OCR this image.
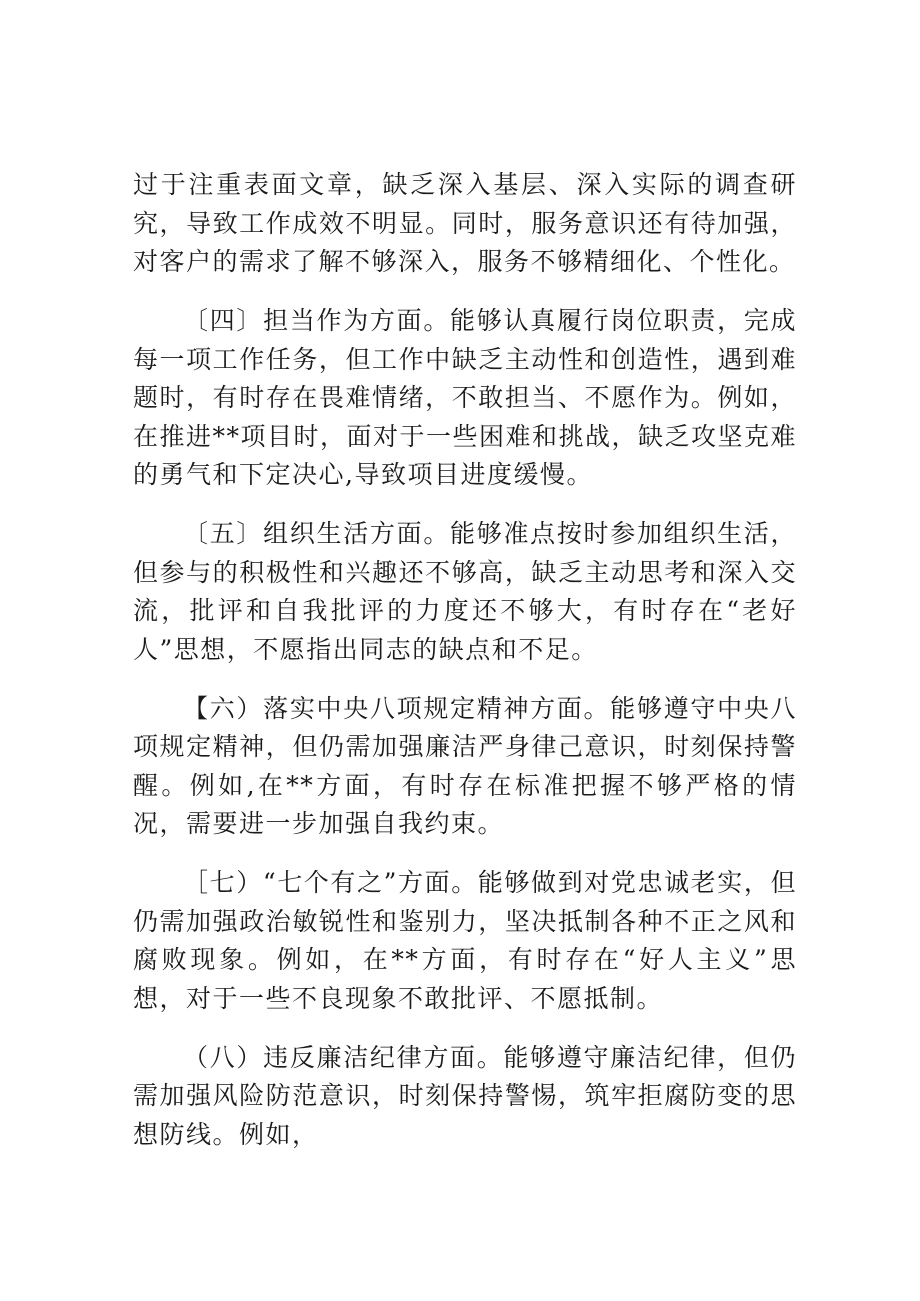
过于注重表面文章，缺乏深入基层、深入实际的调查研究，导致工作成效不明显。同时，服务意识还有待加强，对客户的需求了解不够深入，服务不够精细化、个性化。

〔四〕担当作为方面。能够认真履行岗位职责，完成每一项工作任务，但工作中缺乏主动性和创造性，遇到难题时，有时存在畏难情绪，不敢担当、不愿作为。例如，在推进**项目时，面对于一些困难和挑战，缺乏攻坚克难的勇气和下定决心,导致项目进度缓慢。

〔五〕组织生活方面。能够准点按时参加组织生活，但参与的积极性和兴趣还不够高，缺乏主动思考和深入交流，批评和自我批评的力度还不够大，有时存在“老好人”思想，不愿指出同志的缺点和不足。

【六）落实中央八项规定精神方面。能够遵守中央八项规定精神，但仍需加强廉洁严身律己意识，时刻保持警醒。例如,在**方面，有时存在标准把握不够严格的情况，需要进一步加强自我约束。

［七）“七个有之”方面。能够做到对党忠诚老实，但仍需加强政治敏锐性和鉴别力，坚决抵制各种不正之风和腐败现象。例如，在**方面，有时存在“好人主义”思想，对于一些不良现象不敢批评、不愿抵制。

（八）违反廉洁纪律方面。能够遵守廉洁纪律，但仍需加强风险防范意识，时刻保持警惕，筑牢拒腐防变的思想防线。例如，
